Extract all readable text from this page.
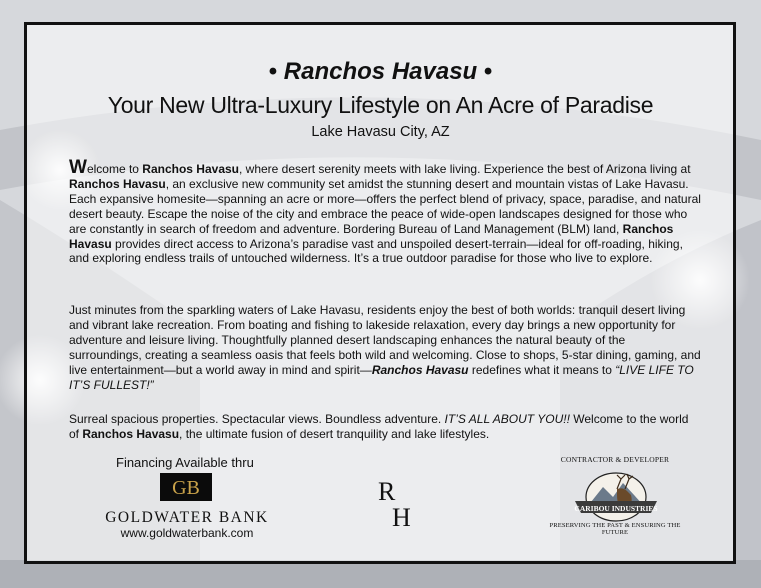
• Ranchos Havasu •
Your New Ultra-Luxury Lifestyle on An Acre of Paradise
Lake Havasu City, AZ

Welcome to Ranchos Havasu, where desert serenity meets with lake living. Experience the best of Arizona living at Ranchos Havasu, an exclusive new community set amidst the stunning desert and mountain vistas of Lake Havasu. Each expansive homesite—spanning an acre or more—offers the perfect blend of privacy, space, paradise, and natural desert beauty. Escape the noise of the city and embrace the peace of wide-open landscapes designed for those who are constantly in search of freedom and adventure. Bordering Bureau of Land Management (BLM) land, Ranchos Havasu provides direct access to Arizona’s paradise vast and unspoiled desert-terrain—ideal for off-roading, hiking, and exploring endless trails of untouched wilderness. It’s a true outdoor paradise for those who live to explore.

Just minutes from the sparkling waters of Lake Havasu, residents enjoy the best of both worlds: tranquil desert living and vibrant lake recreation. From boating and fishing to lakeside relaxation, every day brings a new opportunity for adventure and leisure living. Thoughtfully planned desert landscaping enhances the natural beauty of the surroundings, creating a seamless oasis that feels both wild and welcoming. Close to shops, 5-star dining, gaming, and live entertainment—but a world away in mind and spirit—Ranchos Havasu redefines what it means to “LIVE LIFE TO IT’S FULLEST!”

Surreal spacious properties. Spectacular views. Boundless adventure. IT’S ALL ABOUT YOU!! Welcome to the world of Ranchos Havasu, the ultimate fusion of desert tranquility and lake lifestyles.

Financing Available thru
GB
GOLDWATER BANK
www.goldwaterbank.com
R
H
CONTRACTOR & DEVELOPER
CARIBOU INDUSTRIES
PRESERVING THE PAST & ENSURING THE FUTURE
